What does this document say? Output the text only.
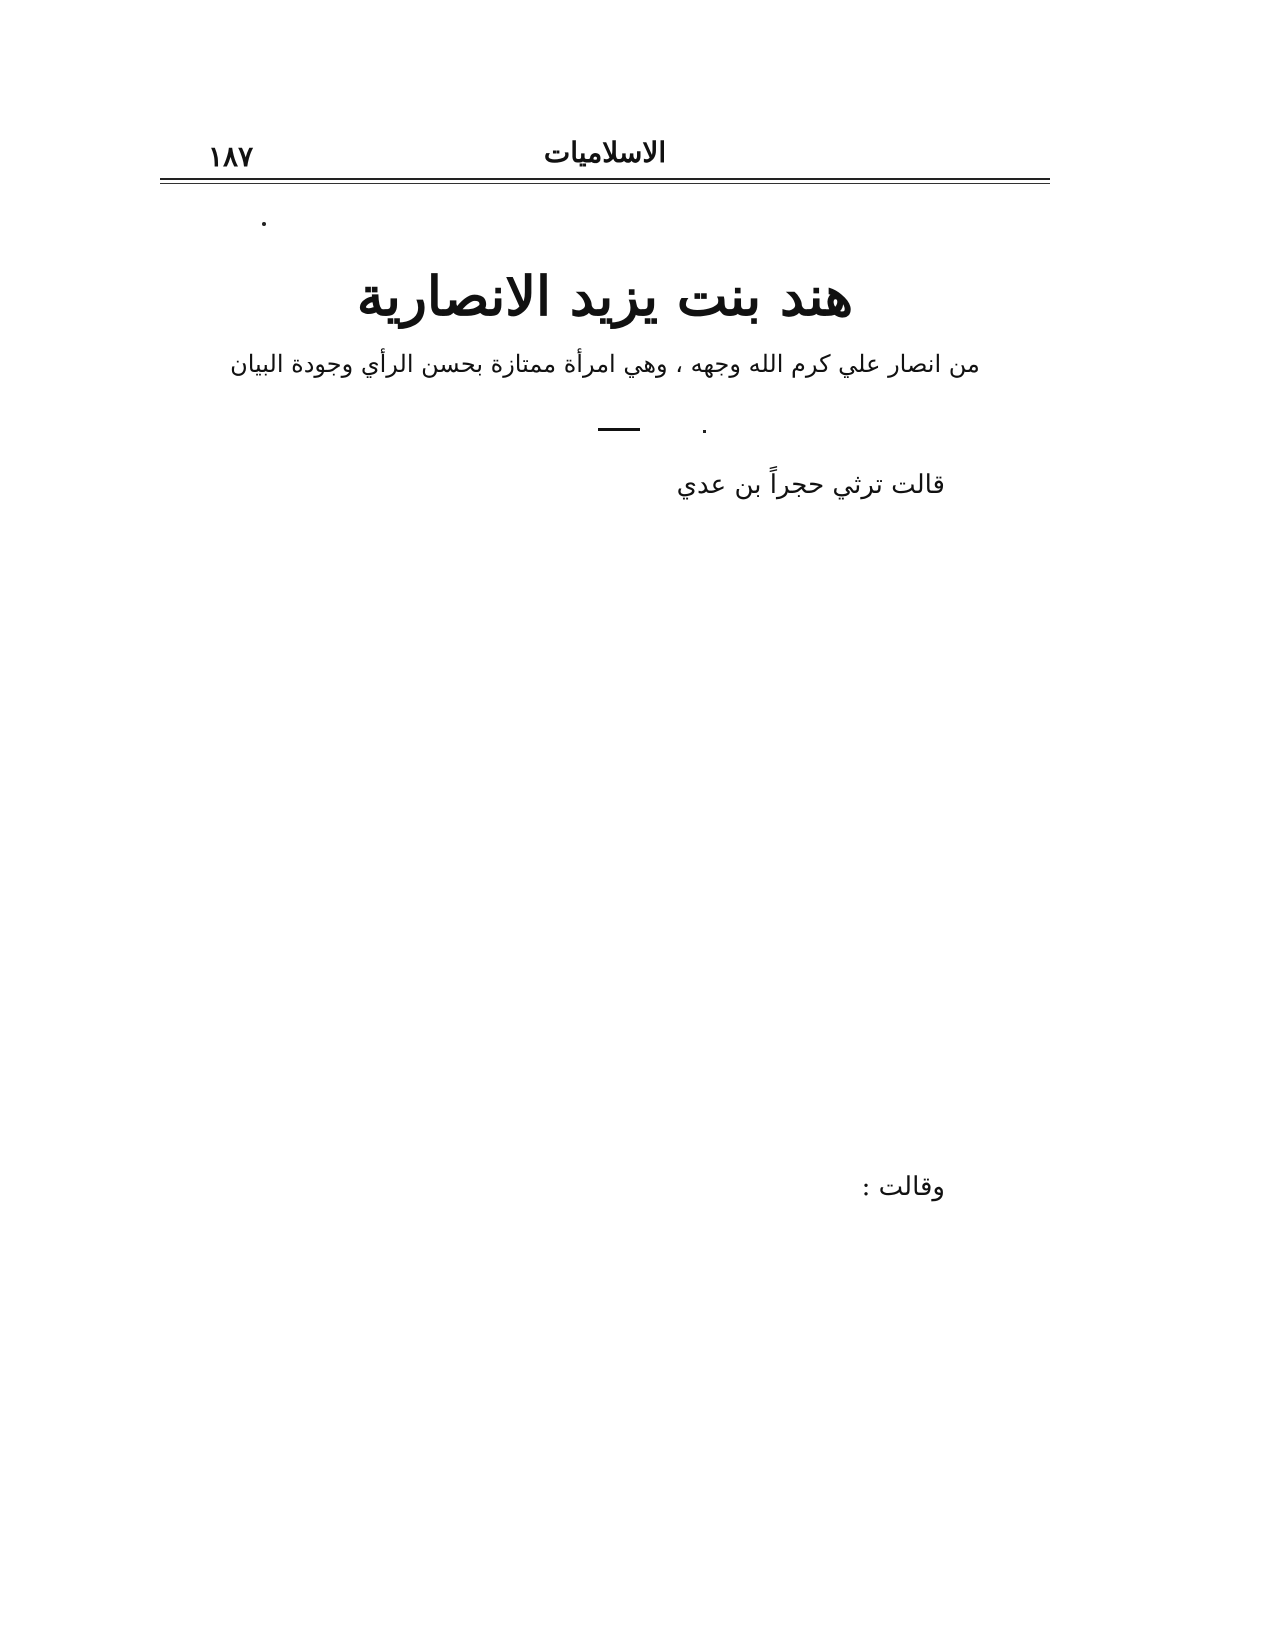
الاسلاميات
١٨٧
هند بنت يزيد الانصارية
من انصار علي كرم الله وجهه ، وهي امرأة ممتازة بحسن الرأي وجودة البيان
قالت ترثي حجراً بن عدي
وقالت :
